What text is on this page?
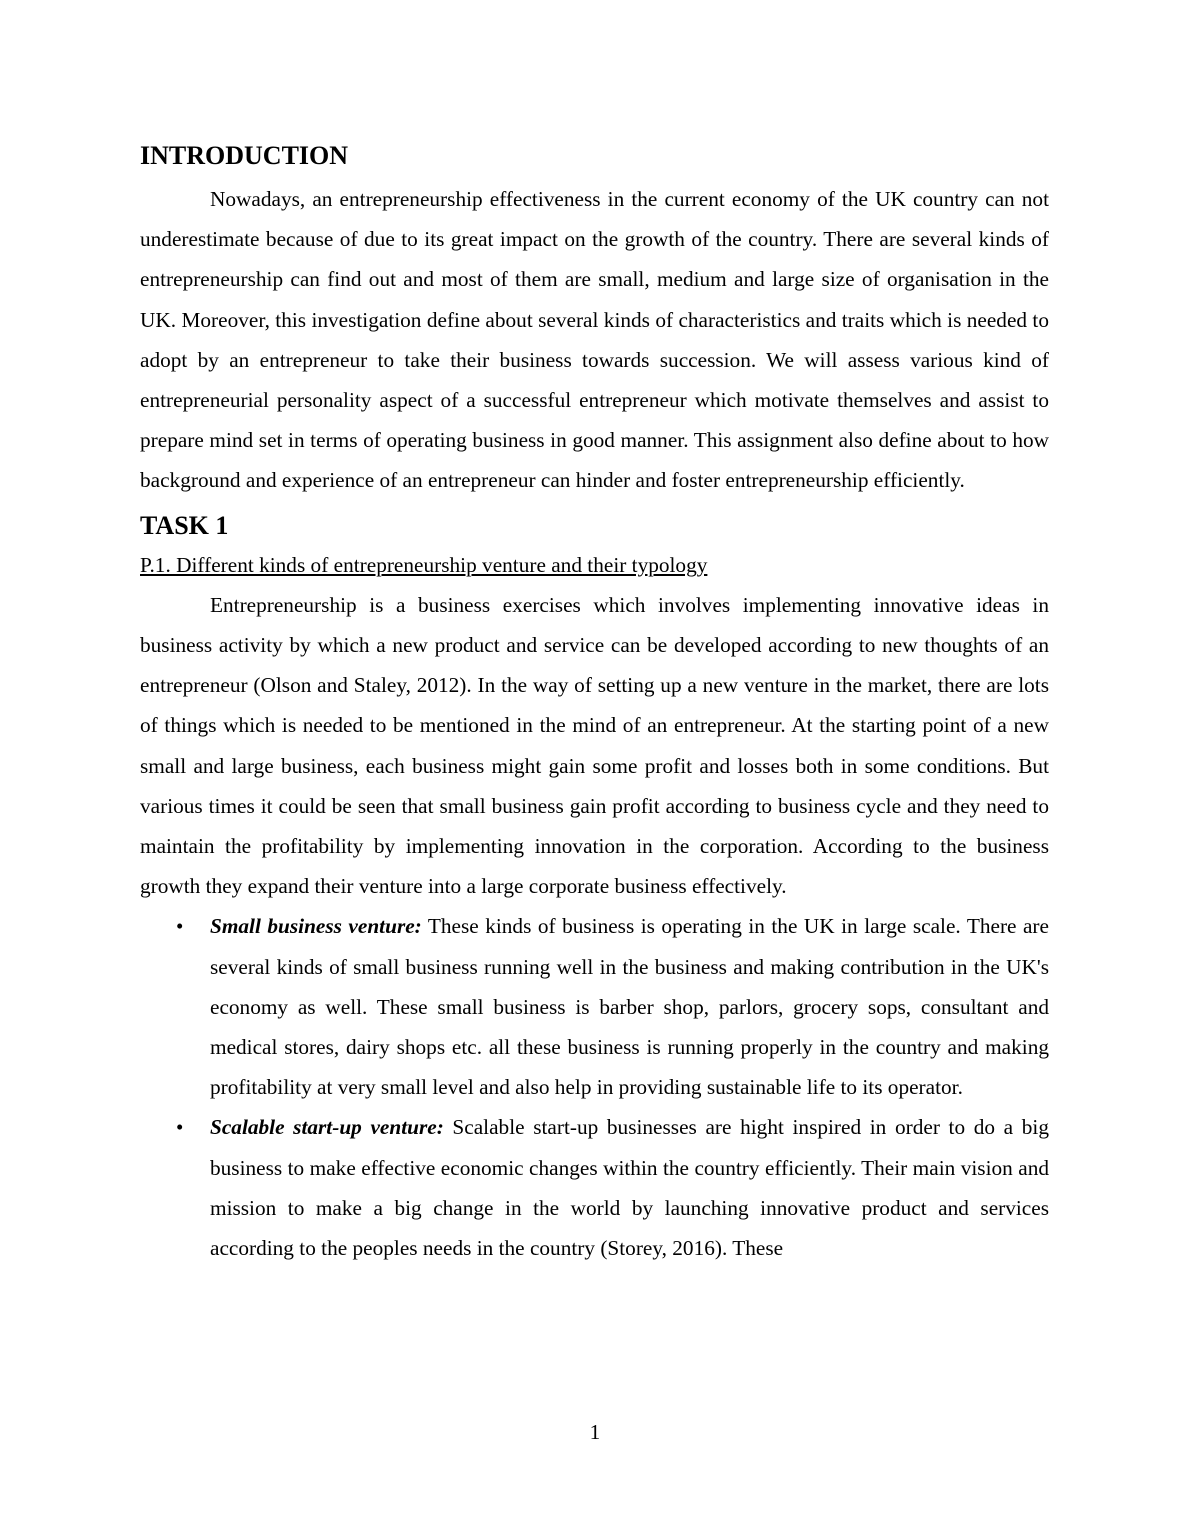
INTRODUCTION

Nowadays, an entrepreneurship effectiveness in the current economy of the UK country can not underestimate because of due to its great impact on the growth of the country. There are several kinds of entrepreneurship can find out and most of them are small, medium and large size of organisation in the UK. Moreover, this investigation define about several kinds of characteristics and traits which is needed to adopt by an entrepreneur to take their business towards succession. We will assess various kind of entrepreneurial personality aspect of a successful entrepreneur which motivate themselves and assist to prepare mind set in terms of operating business in good manner. This assignment also define about to how background and experience of an entrepreneur can hinder and foster entrepreneurship efficiently.

TASK 1

P.1. Different kinds of entrepreneurship venture and their typology

Entrepreneurship is a business exercises which involves implementing innovative ideas in business activity by which a new product and service can be developed according to new thoughts of an entrepreneur (Olson and Staley, 2012). In the way of setting up a new venture in the market, there are lots of things which is needed to be mentioned in the mind of an entrepreneur. At the starting point of a new small and large business, each business might gain some profit and losses both in some conditions. But various times it could be seen that small business gain profit according to business cycle and they need to maintain the profitability by implementing innovation in the corporation. According to the business growth they expand their venture into a large corporate business effectively.

• Small business venture: These kinds of business is operating in the UK in large scale. There are several kinds of small business running well in the business and making contribution in the UK's economy as well. These small business is barber shop, parlors, grocery sops, consultant and medical stores, dairy shops etc. all these business is running properly in the country and making profitability at very small level and also help in providing sustainable life to its operator.
• Scalable start-up venture: Scalable start-up businesses are hight inspired in order to do a big business to make effective economic changes within the country efficiently. Their main vision and mission to make a big change in the world by launching innovative product and services according to the peoples needs in the country (Storey, 2016). These
1
